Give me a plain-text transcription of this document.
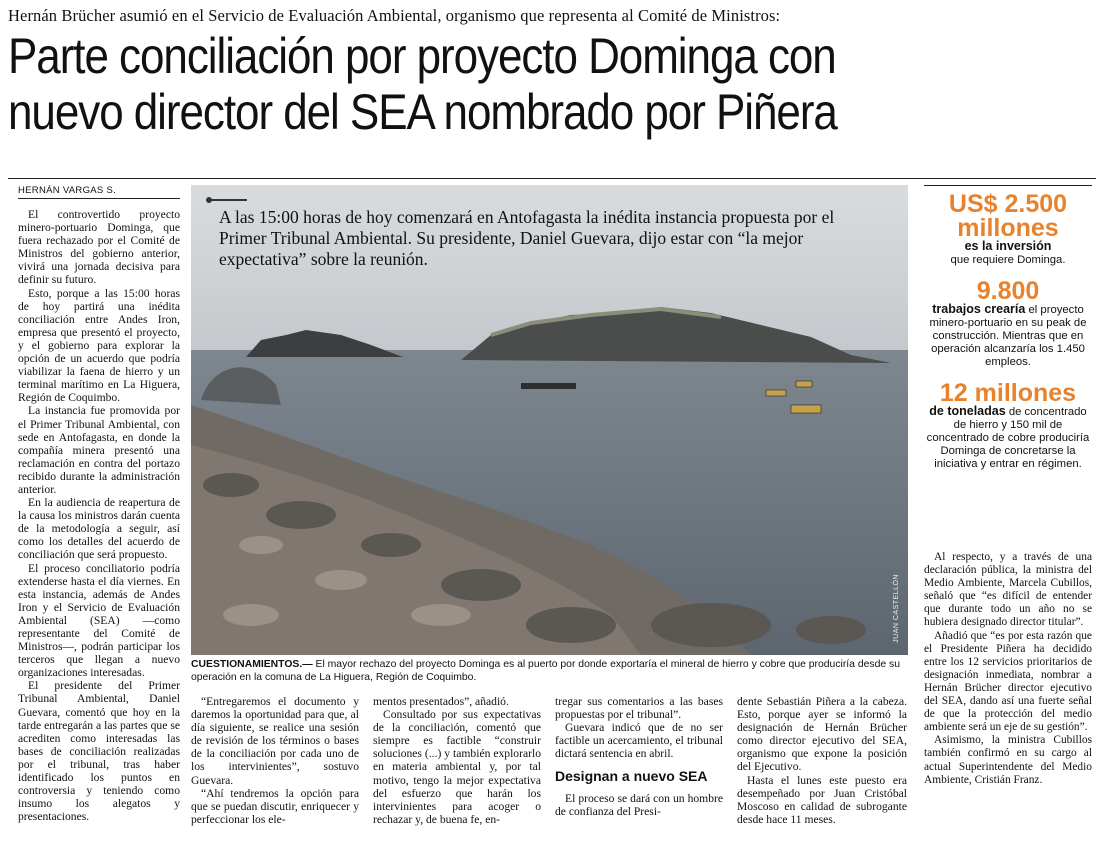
Hernán Brücher asumió en el Servicio de Evaluación Ambiental, organismo que representa al Comité de Ministros:
Parte conciliación por proyecto Dominga con
nuevo director del SEA nombrado por Piñera
HERNÁN VARGAS S.

El controvertido proyecto minero-portuario Dominga, que fuera rechazado por el Comité de Ministros del gobierno anterior, vivirá una jornada decisiva para definir su futuro.

Esto, porque a las 15:00 horas de hoy partirá una inédita conciliación entre Andes Iron, empresa que presentó el proyecto, y el gobierno para explorar la opción de un acuerdo que podría viabilizar la faena de hierro y un terminal marítimo en La Higuera, Región de Coquimbo.

La instancia fue promovida por el Primer Tribunal Ambiental, con sede en Antofagasta, en donde la compañía minera presentó una reclamación en contra del portazo recibido durante la administración anterior.

En la audiencia de reapertura de la causa los ministros darán cuenta de la metodología a seguir, así como los detalles del acuerdo de conciliación que será propuesto.

El proceso conciliatorio podría extenderse hasta el día viernes. En esta instancia, además de Andes Iron y el Servicio de Evaluación Ambiental (SEA) —como representante del Comité de Ministros—, podrán participar los terceros que llegan a nuevo organizaciones interesadas.

El presidente del Primer Tribunal Ambiental, Daniel Guevara, comentó que hoy en la tarde entregarán a las partes que se acrediten como interesadas las bases de conciliación realizadas por el tribunal, tras haber identificado los puntos en controversia y teniendo como insumo los alegatos y presentaciones.

A las 15:00 horas de hoy comenzará en Antofagasta la inédita instancia propuesta por el Primer Tribunal Ambiental. Su presidente, Daniel Guevara, dijo estar con “la mejor expectativa” sobre la reunión.
JUAN CASTELLÓN
CUESTIONAMIENTOS.— El mayor rechazo del proyecto Dominga es al puerto por donde exportaría el mineral de hierro y cobre que produciría desde su operación en la comuna de La Higuera, Región de Coquimbo.
US$ 2.500 millones
es la inversión
que requiere Dominga.
9.800
trabajos crearía el proyecto minero-portuario en su peak de construcción. Mientras que en operación alcanzaría los 1.450 empleos.
12 millones
de toneladas de concentrado de hierro y 150 mil de concentrado de cobre produciría Dominga de concretarse la iniciativa y entrar en régimen.

Al respecto, y a través de una declaración pública, la ministra del Medio Ambiente, Marcela Cubillos, señaló que “es difícil de entender que durante todo un año no se hubiera designado director titular”.

Añadió que “es por esta razón que el Presidente Piñera ha decidido entre los 12 servicios prioritarios de designación inmediata, nombrar a Hernán Brücher director ejecutivo del SEA, dando así una fuerte señal de que la protección del medio ambiente será un eje de su gestión”.

Asimismo, la ministra Cubillos también confirmó en su cargo al actual Superintendente del Medio Ambiente, Cristián Franz.

“Entregaremos el documento y daremos la oportunidad para que, al día siguiente, se realice una sesión de revisión de los términos o bases de la conciliación por cada uno de los intervinientes”, sostuvo Guevara.

“Ahí tendremos la opción para que se puedan discutir, enriquecer y perfeccionar los ele-

mentos presentados”, añadió.

Consultado por sus expectativas de la conciliación, comentó que siempre es factible “construir soluciones (...) y también explorarlo en materia ambiental y, por tal motivo, tengo la mejor expectativa del esfuerzo que harán los intervinientes para acoger o rechazar y, de buena fe, en-

tregar sus comentarios a las bases propuestas por el tribunal”.

Guevara indicó que de no ser factible un acercamiento, el tribunal dictará sentencia en abril.

Designan a nuevo SEA

El proceso se dará con un hombre de confianza del Presi-

dente Sebastián Piñera a la cabeza. Esto, porque ayer se informó la designación de Hernán Brücher como director ejecutivo del SEA, organismo que expone la posición del Ejecutivo.

Hasta el lunes este puesto era desempeñado por Juan Cristóbal Moscoso en calidad de subrogante desde hace 11 meses.
